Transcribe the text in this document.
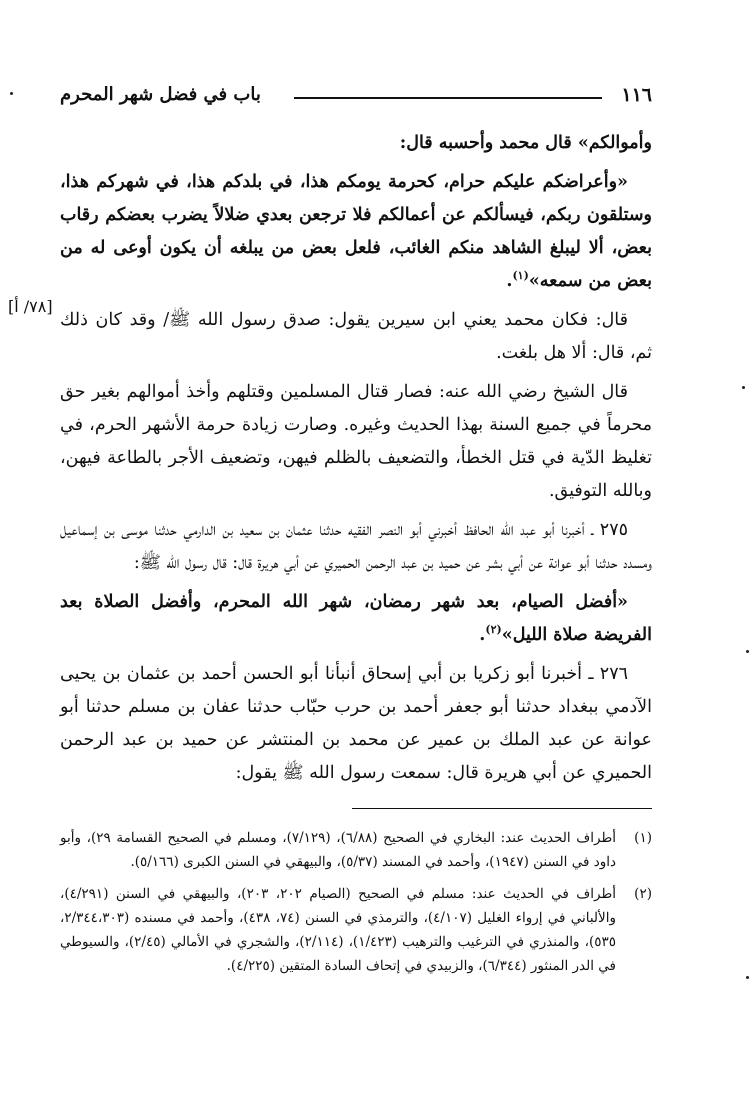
١١٦
باب في فضل شهر المحرم
[٧٨/ أ]

وأموالكم» قال محمد وأحسبه قال:

«وأعراضكم عليكم حرام، كحرمة يومكم هذا، في بلدكم هذا، في شهركم هذا، وستلقون ربكم، فيسألكم عن أعمالكم فلا ترجعن بعدي ضلالاً يضرب بعضكم رقاب بعض، ألا ليبلغ الشاهد منكم الغائب، فلعل بعض من يبلغه أن يكون أوعى له من بعض من سمعه»$^{(١)}$.

قال: فكان محمد يعني ابن سيرين يقول: صدق رسول الله ﷺ/ وقد كان ذلك ثم، قال: ألا هل بلغت.

قال الشيخ رضي الله عنه: فصار قتال المسلمين وقتلهم وأخذ أموالهم بغير حق محرماً في جميع السنة بهذا الحديث وغيره. وصارت زيادة حرمة الأشهر الحرم، في تغليظ الدّية في قتل الخطأ، والتضعيف بالظلم فيهن، وتضعيف الأجر بالطاعة فيهن، وبالله التوفيق.

٢٧٥ ـ أخبرنا أبو عبد الله الحافظ أخبرني أبو النصر الفقيه حدثنا عثمان بن سعيد بن الدارمي حدثنا موسى بن إسماعيل ومسدد حدثنا أبو عوانة عن أبي بشر عن حميد بن عبد الرحمن الحميري عن أبي هريرة قال: قال رسول الله ﷺ:

«أفضل الصيام، بعد شهر رمضان، شهر الله المحرم، وأفضل الصلاة بعد الفريضة صلاة الليل»$^{(٢)}$.

٢٧٦ ـ أخبرنا أبو زكريا بن أبي إسحاق أنبأنا أبو الحسن أحمد بن عثمان بن يحيى الآدمي ببغداد حدثنا أبو جعفر أحمد بن حرب حبّاب حدثنا عفان بن مسلم حدثنا أبو عوانة عن عبد الملك بن عمير عن محمد بن المنتشر عن حميد بن عبد الرحمن الحميري عن أبي هريرة قال: سمعت رسول الله ﷺ يقول:

(١)
أطراف الحديث عند: البخاري في الصحيح (٦/٨٨)، (٧/١٢٩)، ومسلم في الصحيح القسامة ٢٩)، وأبو داود في السنن (١٩٤٧)، وأحمد في المسند (٥/٣٧)، والبيهقي في السنن الكبرى (٥/١٦٦).
(٢)
أطراف في الحديث عند: مسلم في الصحيح (الصيام ٢٠٢، ٢٠٣)، والبيهقي في السنن (٤/٢٩١)، والألباني في إرواء الغليل (٤/١٠٧)، والترمذي في السنن (٧٤، ٤٣٨)، وأحمد في مسنده (٢/٣٤٤،٣٠٣، ٥٣٥)، والمنذري في الترغيب والترهيب (١/٤٢٣)، (٢/١١٤)، والشجري في الأمالي (٢/٤٥)، والسيوطي في الدر المنثور (٦/٣٤٤)، والزبيدي في إتحاف السادة المتقين (٤/٢٢٥).
